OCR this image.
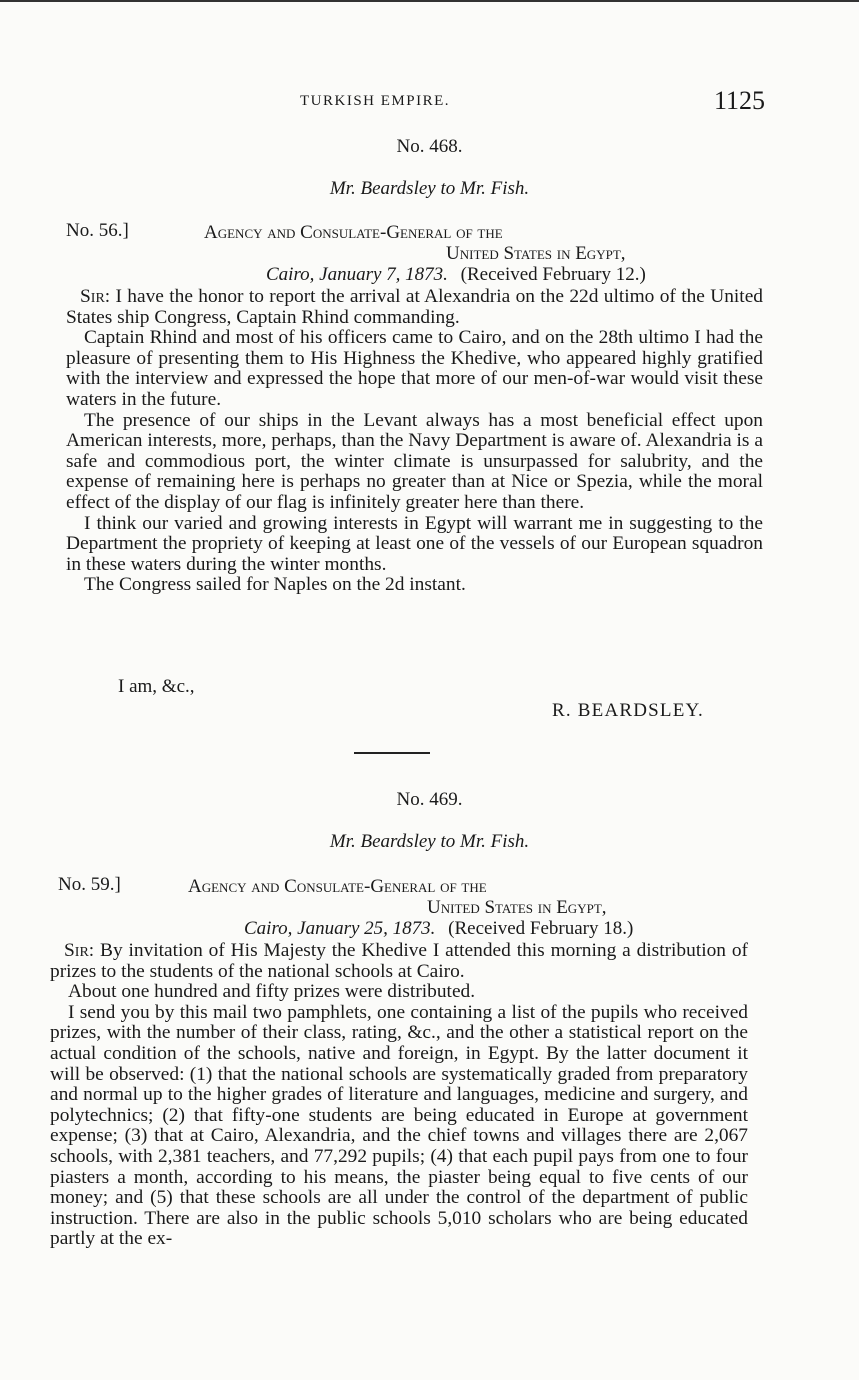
TURKISH EMPIRE.	1125
No. 468.
Mr. Beardsley to Mr. Fish.
No. 56.]	Agency and Consulate-General of the
United States in Egypt,
Cairo, January 7, 1873. (Received February 12.)

Sir: I have the honor to report the arrival at Alexandria on the 22d ultimo of the United States ship Congress, Captain Rhind commanding.

Captain Rhind and most of his officers came to Cairo, and on the 28th ultimo I had the pleasure of presenting them to His Highness the Khedive, who appeared highly gratified with the interview and expressed the hope that more of our men-of-war would visit these waters in the future.

The presence of our ships in the Levant always has a most beneficial effect upon American interests, more, perhaps, than the Navy Department is aware of. Alexandria is a safe and commodious port, the winter climate is unsurpassed for salubrity, and the expense of remaining here is perhaps no greater than at Nice or Spezia, while the moral effect of the display of our flag is infinitely greater here than there.

I think our varied and growing interests in Egypt will warrant me in suggesting to the Department the propriety of keeping at least one of the vessels of our European squadron in these waters during the winter months.

The Congress sailed for Naples on the 2d instant.

I am, &c.,
R. BEARDSLEY.
No. 469.
Mr. Beardsley to Mr. Fish.
No. 59.]	Agency and Consulate-General of the
United States in Egypt,
Cairo, January 25, 1873. (Received February 18.)

Sir: By invitation of His Majesty the Khedive I attended this morning a distribution of prizes to the students of the national schools at Cairo.

About one hundred and fifty prizes were distributed.

I send you by this mail two pamphlets, one containing a list of the pupils who received prizes, with the number of their class, rating, &c., and the other a statistical report on the actual condition of the schools, native and foreign, in Egypt. By the latter document it will be observed: (1) that the national schools are systematically graded from preparatory and normal up to the higher grades of literature and languages, medicine and surgery, and polytechnics; (2) that fifty-one students are being educated in Europe at government expense; (3) that at Cairo, Alexandria, and the chief towns and villages there are 2,067 schools, with 2,381 teachers, and 77,292 pupils; (4) that each pupil pays from one to four piasters a month, according to his means, the piaster being equal to five cents of our money; and (5) that these schools are all under the control of the department of public instruction. There are also in the public schools 5,010 scholars who are being educated partly at the ex-
